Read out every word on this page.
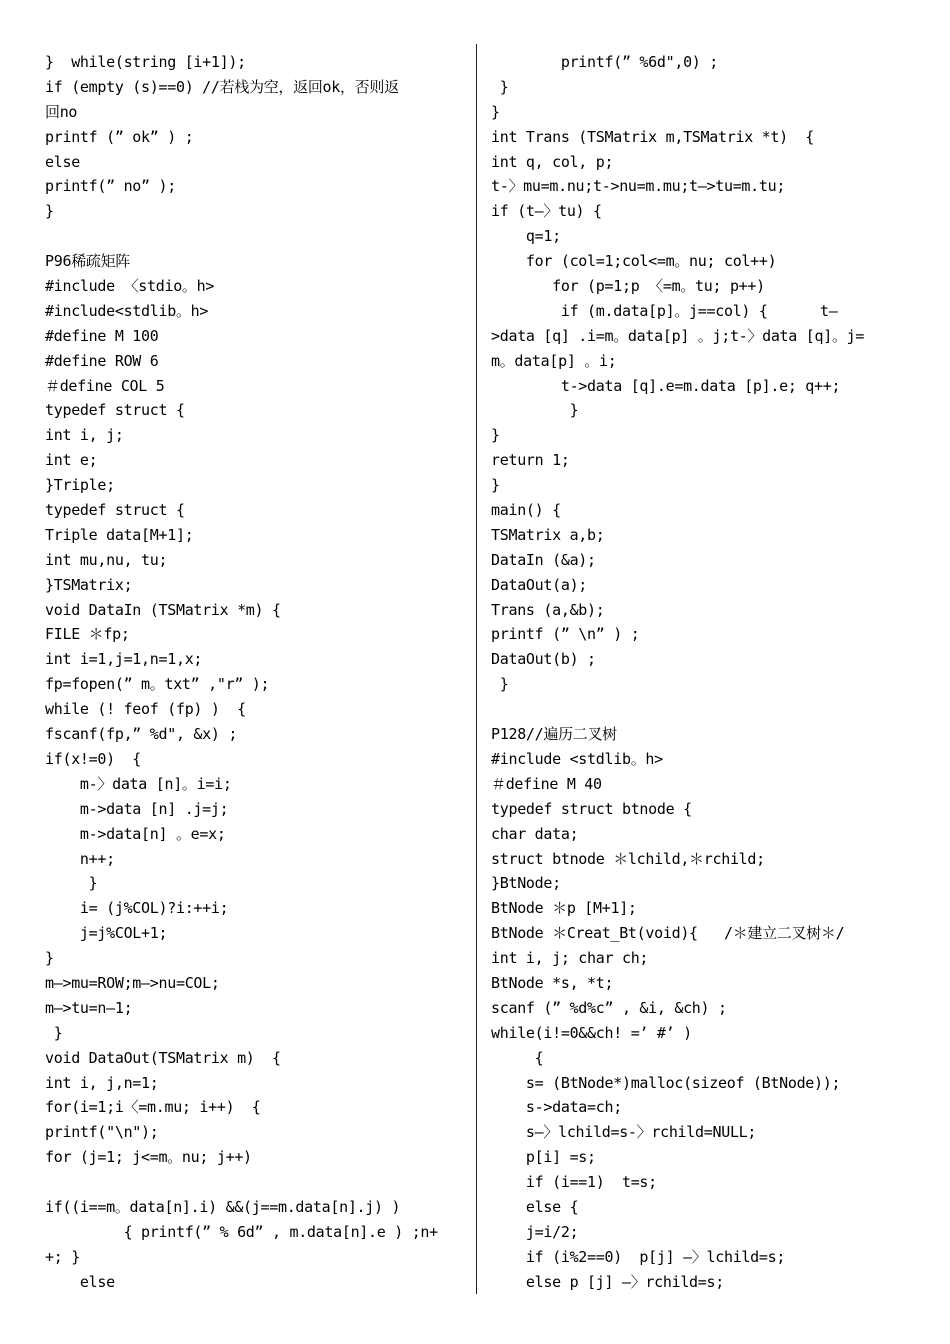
}  while(string [i+1]);
if (empty (s)==0) //若栈为空，返回ok，否则返
回no
printf (” ok” ) ;
else
printf(” no” );
}
P96稀疏矩阵
#include 〈stdio。h>
#include<stdlib。h>
#define M 100
#define ROW 6
＃define COL 5
typedef struct {
int i, j;
int e;
}Triple;
typedef struct {
Triple data[M+1];
int mu,nu, tu;
}TSMatrix;
void DataIn (TSMatrix *m) {
FILE ＊fp;
int i=1,j=1,n=1,x;
fp=fopen(” m。txt” ,"r” );
while (! feof (fp) )  {
fscanf(fp,” %d", &x) ;
if(x!=0)  {
m-〉data [n]。i=i;
m->data [n] .j=j;
m->data[n] 。e=x;
n++;
}
i= (j%COL)?i:++i;
j=j%COL+1;
}
m—>mu=ROW;m—>nu=COL;
m—>tu=n—1;
}
void DataOut(TSMatrix m)  {
int i, j,n=1;
for(i=1;i〈=m.mu; i++)  {
printf("\n");
for (j=1; j<=m。nu; j++)
if((i==m。data[n].i) &&(j==m.data[n].j) )
{ printf(” % 6d” , m.data[n].e ) ;n+
+; }
else
printf(” %6d",0) ;
}
}
int Trans (TSMatrix m,TSMatrix *t)  {
int q, col, p;
t-〉mu=m.nu;t->nu=m.mu;t—>tu=m.tu;
if (t—〉tu) {
q=1;
for (col=1;col<=m。nu; col++)
for (p=1;p 〈=m。tu; p++)
if (m.data[p]。j==col) {      t—
>data [q] .i=m。data[p] 。j;t-〉data [q]。j=
m。data[p] 。i;
t->data [q].e=m.data [p].e; q++;
}
}
return 1;
}
main() {
TSMatrix a,b;
DataIn (&a);
DataOut(a);
Trans (a,&b);
printf (” \n” ) ;
DataOut(b) ;
}
P128//遍历二叉树
#include <stdlib。h>
＃define M 40
typedef struct btnode {
char data;
struct btnode ＊lchild,＊rchild;
}BtNode;
BtNode ＊p [M+1];
BtNode ＊Creat_Bt(void){   /＊建立二叉树＊/
int i, j; char ch;
BtNode *s, *t;
scanf (” %d%c” , &i, &ch) ;
while(i!=0&&ch! =’ #’ )
{
s= (BtNode*)malloc(sizeof (BtNode));
s->data=ch;
s—〉lchild=s-〉rchild=NULL;
p[i] =s;
if (i==1)  t=s;
else {
j=i/2;
if (i%2==0)  p[j] —〉lchild=s;
else p [j] —〉rchild=s;
